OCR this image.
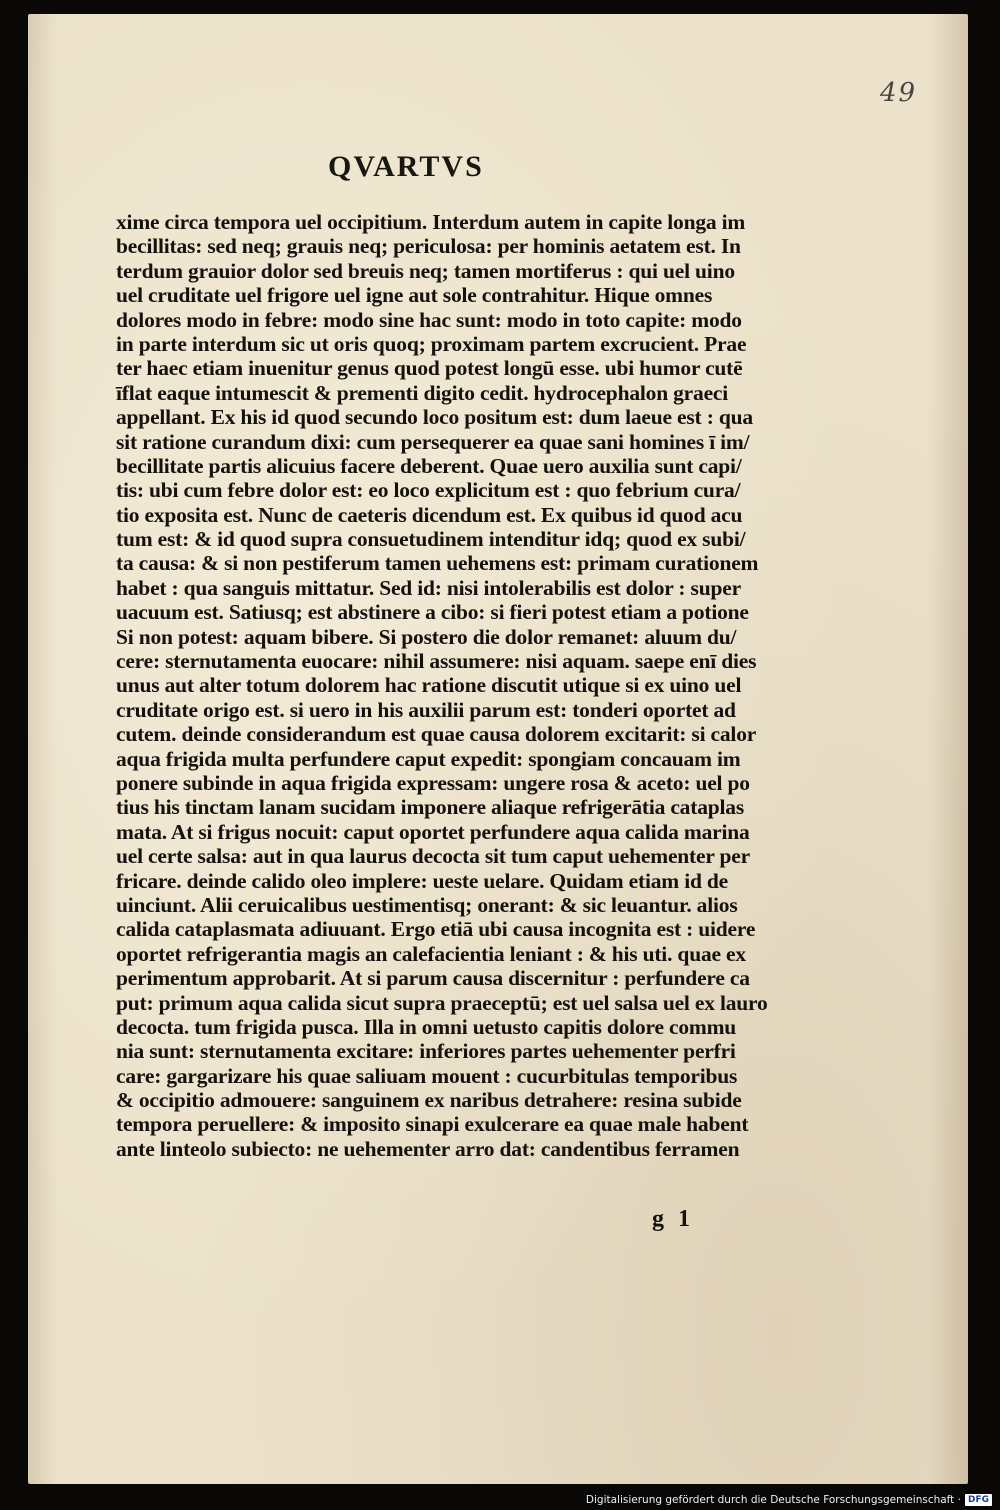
49
QVARTVS
xime circa tempora uel occipitium. Interdum autem in capite longa im
becillitas: sed neq; grauis neq; periculosa: per hominis aetatem est. In
terdum grauior dolor sed breuis neq; tamen mortiferus : qui uel uino
uel cruditate uel frigore uel igne aut sole contrahitur. Hique omnes
dolores modo in febre: modo sine hac sunt: modo in toto capite: modo
in parte interdum sic ut oris quoq; proximam partem excrucient. Prae
ter haec etiam inuenitur genus quod potest longū esse. ubi humor cutē
īflat eaque intumescit & prementi digito cedit. hydrocephalon graeci
appellant. Ex his id quod secundo loco positum est: dum laeue est : qua
sit ratione curandum dixi: cum persequerer ea quae sani homines ī im/
becillitate partis alicuius facere deberent. Quae uero auxilia sunt capi/
tis: ubi cum febre dolor est: eo loco explicitum est : quo febrium cura/
tio exposita est. Nunc de caeteris dicendum est. Ex quibus id quod acu
tum est: & id quod supra consuetudinem intenditur idq; quod ex subi/
ta causa: & si non pestiferum tamen uehemens est: primam curationem
habet : qua sanguis mittatur. Sed id: nisi intolerabilis est dolor : super
uacuum est. Satiusq; est abstinere a cibo: si fieri potest etiam a potione
Si non potest: aquam bibere. Si postero die dolor remanet: aluum du/
cere: sternutamenta euocare: nihil assumere: nisi aquam. saepe enī dies
unus aut alter totum dolorem hac ratione discutit utique si ex uino uel
cruditate origo est. si uero in his auxilii parum est: tonderi oportet ad
cutem. deinde considerandum est quae causa dolorem excitarit: si calor
aqua frigida multa perfundere caput expedit: spongiam concauam im
ponere subinde in aqua frigida expressam: ungere rosa & aceto: uel po
tius his tinctam lanam sucidam imponere aliaque refrigerātia cataplas
mata. At si frigus nocuit: caput oportet perfundere aqua calida marina
uel certe salsa: aut in qua laurus decocta sit tum caput uehementer per
fricare. deinde calido oleo implere: ueste uelare. Quidam etiam id de
uinciunt. Alii ceruicalibus uestimentisq; onerant: & sic leuantur. alios
calida cataplasmata adiuuant. Ergo etiā ubi causa incognita est : uidere
oportet refrigerantia magis an calefacientia leniant : & his uti. quae ex
perimentum approbarit. At si parum causa discernitur : perfundere ca
put: primum aqua calida sicut supra praeceptū; est uel salsa uel ex lauro
decocta. tum frigida pusca. Illa in omni uetusto capitis dolore commu
nia sunt: sternutamenta excitare: inferiores partes uehementer perfri
care: gargarizare his quae saliuam mouent : cucurbitulas temporibus
& occipitio admouere: sanguinem ex naribus detrahere: resina subide
tempora peruellere: & imposito sinapi exulcerare ea quae male habent
ante linteolo subiecto: ne uehementer arro dat: candentibus ferramen
g 1
Digitalisierung gefördert durch die Deutsche Forschungsgemeinschaft · DFG
